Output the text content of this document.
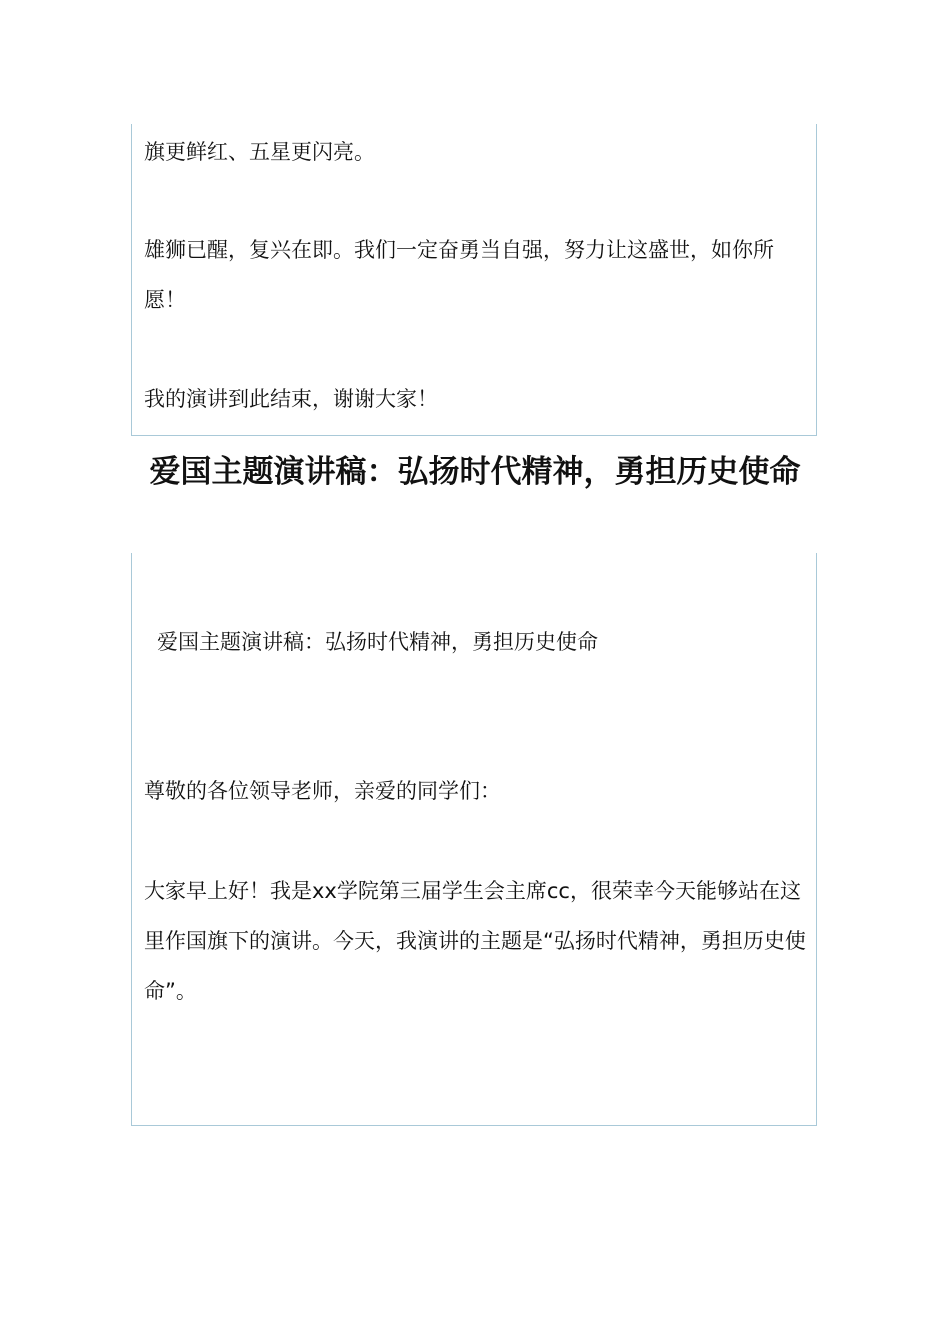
旗更鲜红、五星更闪亮。

雄狮已醒，复兴在即。我们一定奋勇当自强，努力让这盛世，如你所愿！

我的演讲到此结束，谢谢大家！

爱国主题演讲稿：弘扬时代精神，勇担历史使命

爱国主题演讲稿：弘扬时代精神，勇担历史使命

尊敬的各位领导老师，亲爱的同学们：

大家早上好！我是xx学院第三届学生会主席cc，很荣幸今天能够站在这里作国旗下的演讲。今天，我演讲的主题是“弘扬时代精神，勇担历史使命”。
